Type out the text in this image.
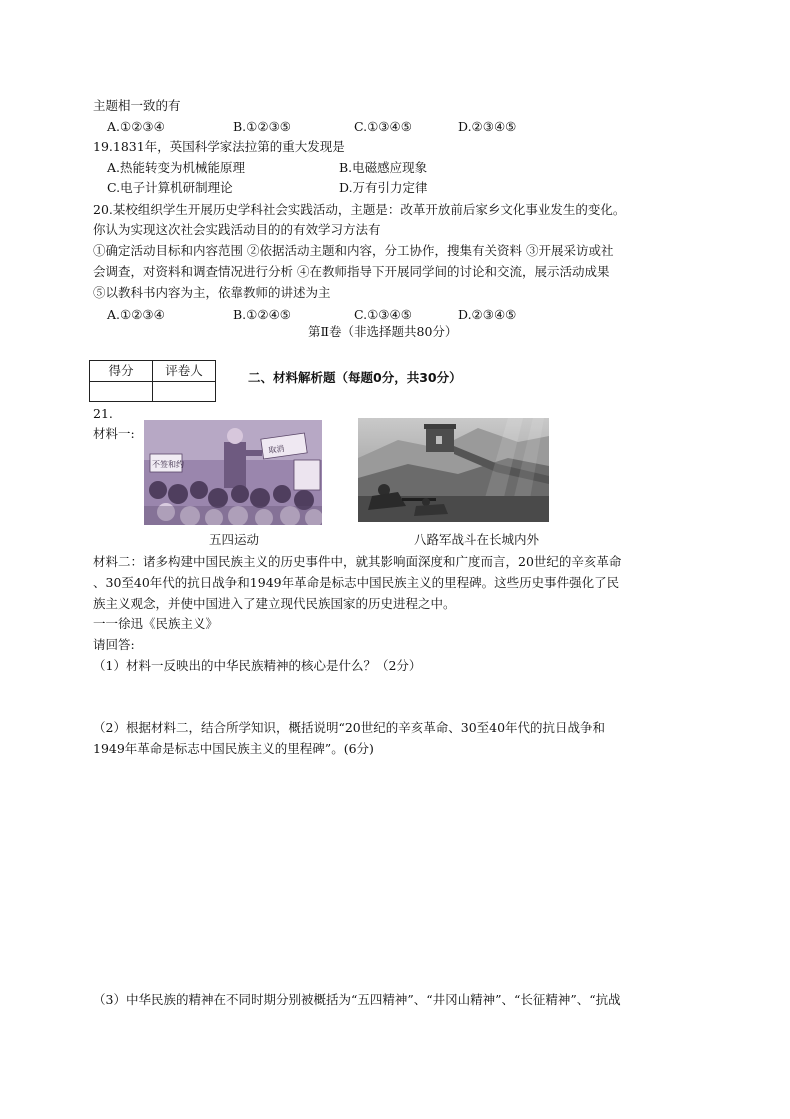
主题相一致的有
A.①②③④	B.①②③⑤	C.①③④⑤	D.②③④⑤
19.1831年，英国科学家法拉第的重大发现是
A.热能转变为机械能原理	B.电磁感应现象
C.电子计算机研制理论	D.万有引力定律
20.某校组织学生开展历史学科社会实践活动，主题是：改革开放前后家乡文化事业发生的变化。
你认为实现这次社会实践活动目的的有效学习方法有
①确定活动目标和内容范围 ②依据活动主题和内容，分工协作，搜集有关资料 ③开展采访或社
会调查，对资料和调查情况进行分析 ④在教师指导下开展同学间的讨论和交流，展示活动成果
⑤以教科书内容为主，依靠教师的讲述为主
A.①②③④	B.①②④⑤	C.①③④⑤	D.②③④⑤
第Ⅱ卷（非选择题共80分）
得分	评卷人
		二、材料解析题（每题0分，共30分）
21.
材料一:
不签和约
取消
五四运动	八路军战斗在长城内外
材料二：诸多构建中国民族主义的历史事件中，就其影响面深度和广度而言，20世纪的辛亥革命
、30至40年代的抗日战争和1949年革命是标志中国民族主义的里程碑。这些历史事件强化了民
族主义观念，并使中国进入了建立现代民族国家的历史进程之中。
一一徐迅《民族主义》
请回答:
（1）材料一反映出的中华民族精神的核心是什么？（2分）
（2）根据材料二，结合所学知识，概括说明“20世纪的辛亥革命、30至40年代的抗日战争和
1949年革命是标志中国民族主义的里程碑”。(6分)
（3）中华民族的精神在不同时期分别被概括为“五四精神”、“井冈山精神”、“长征精神”、“抗战
